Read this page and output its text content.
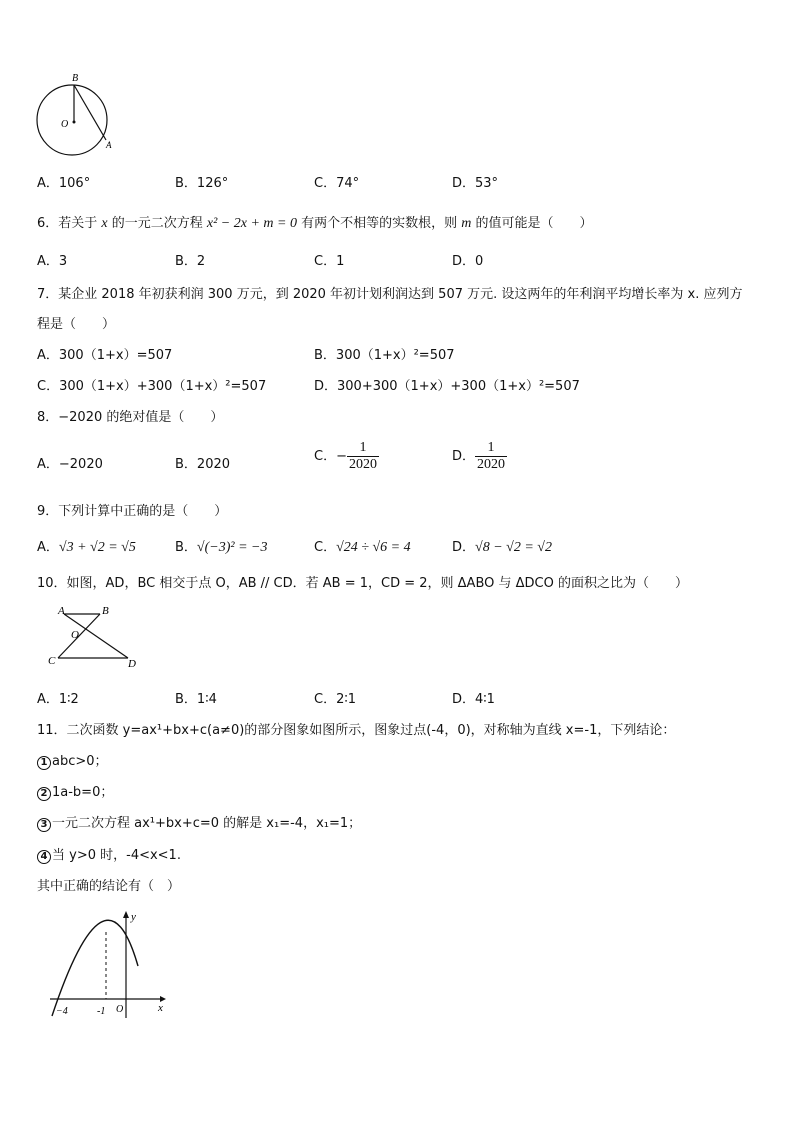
B
O
A
A．106°	B．126°	C．74°	D．53°
6．若关于 x 的一元二次方程 x² − 2x + m = 0 有两个不相等的实数根，则 m 的值可能是（　　）
A．3	B．2	C．1	D．0
7．某企业 2018 年初获利润 300 万元，到 2020 年初计划利润达到 507 万元. 设这两年的年利润平均增长率为 x. 应列方
程是（　　）
A．300（1+x）=507	B．300（1+x）²=507
C．300（1+x）+300（1+x）²=507	D．300+300（1+x）+300（1+x）²=507
8．−2020 的绝对值是（　　）
A．−2020	B．2020
C．− $\frac{1}{2020}$	D． $\frac{1}{2020}$
9．下列计算中正确的是（　　）
A．√3 + √2 = √5	B．√(−3)² = −3	C．√24 ÷ √6 = 4	D．√8 − √2 = √2
10．如图，AD，BC 相交于点 O，AB // CD．若 AB = 1，CD = 2，则 ΔABO 与 ΔDCO 的面积之比为（　　）
A	B
O
C	D
A．1∶2	B．1∶4	C．2∶1	D．4∶1
11．二次函数 y=ax¹+bx+c(a≠0)的部分图象如图所示，图象过点(-4，0)，对称轴为直线 x=-1，下列结论：
1 abc>0；
2 1a-b=0；
3 一元二次方程 ax¹+bx+c=0 的解是 x₁=-4，x₁=1；
4 当 y>0 时，-4<x<1.
其中正确的结论有（　）
y
x
O
−4	-1
